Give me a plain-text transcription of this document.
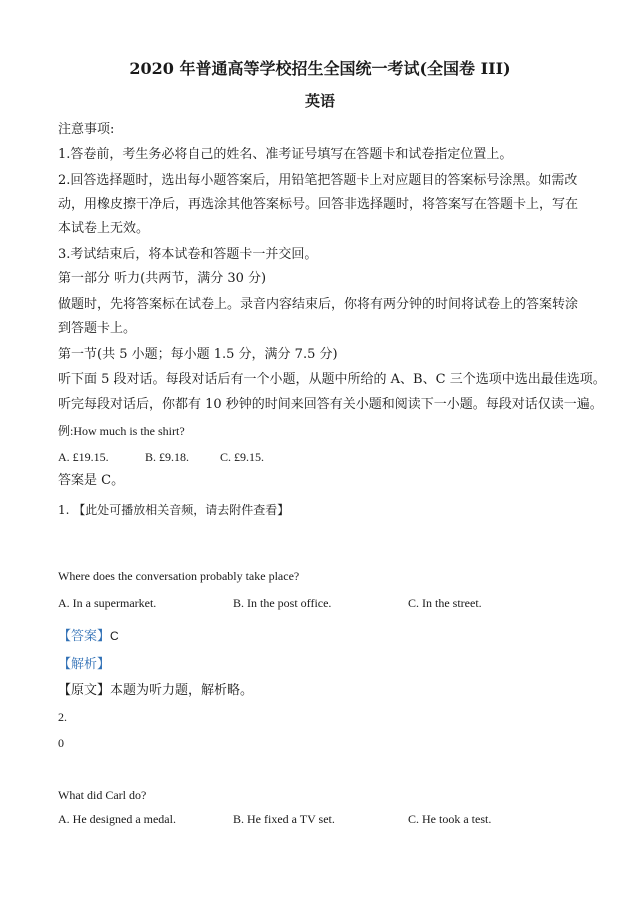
2020 年普通高等学校招生全国统一考试(全国卷 III)
英语
注意事项:
1.答卷前，考生务必将自己的姓名、准考证号填写在答题卡和试卷指定位置上。
2.回答选择题时，选出每小题答案后，用铅笔把答题卡上对应题目的答案标号涂黑。如需改
动，用橡皮擦干净后，再选涂其他答案标号。回答非选择题时，将答案写在答题卡上，写在
本试卷上无效。
3.考试结束后，将本试卷和答题卡一并交回。
第一部分 听力(共两节，满分 30 分)
做题时，先将答案标在试卷上。录音内容结束后，你将有两分钟的时间将试卷上的答案转涂
到答题卡上。
第一节(共 5 小题；每小题 1.5 分，满分 7.5 分)
听下面 5 段对话。每段对话后有一个小题，从题中所给的 A、B、C 三个选项中选出最佳选项。
听完每段对话后，你都有 10 秒钟的时间来回答有关小题和阅读下一小题。每段对话仅读一遍。
例:How much is the shirt?
A. £19.15.	B. £9.18.	C. £9.15.
答案是 C。
1. 【此处可播放相关音频，请去附件查看】
Where does the conversation probably take place?
A. In a supermarket.	B. In the post office.	C. In the street.
【答案】C
【解析】
【原文】本题为听力题，解析略。
2.
0
What did Carl do?
A. He designed a medal.	B. He fixed a TV set.	C. He took a test.
